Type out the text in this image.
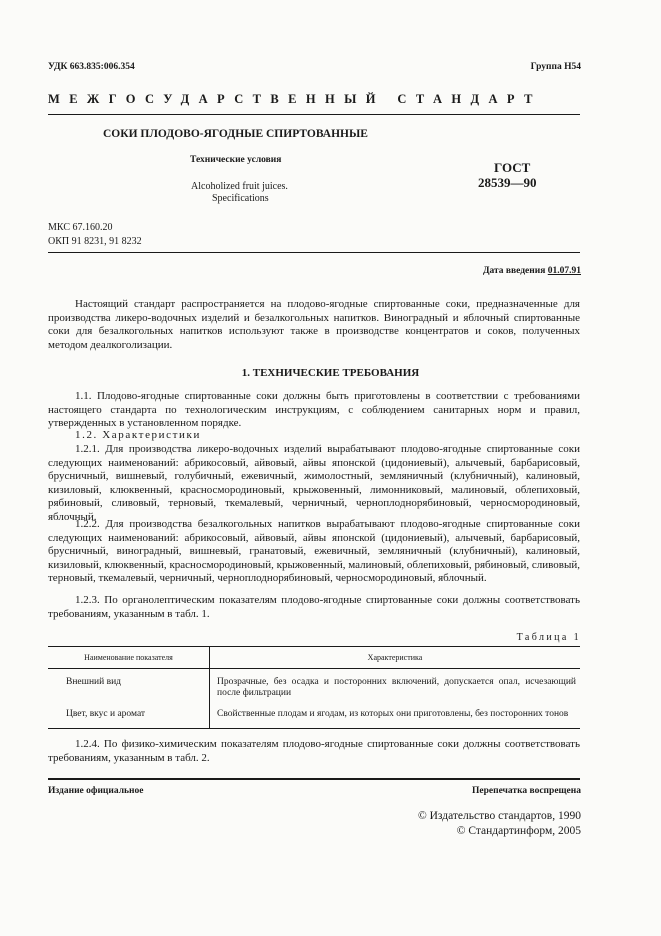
УДК 663.835:006.354	Группа Н54
МЕЖГОСУДАРСТВЕННЫЙ СТАНДАРТ
СОКИ ПЛОДОВО-ЯГОДНЫЕ СПИРТОВАННЫЕ
Технические условия
Alcoholized fruit juices.
Specifications
ГОСТ
28539—90
МКС 67.160.20
ОКП 91 8231, 91 8232
Дата введения 01.07.91
Настоящий стандарт распространяется на плодово-ягодные спиртованные соки, предназначенные для производства ликеро-водочных изделий и безалкогольных напитков. Виноградный и яблочный спиртованные соки для безалкогольных напитков используют также в производстве концентратов и соков, полученных методом деалкоголизации.
1. ТЕХНИЧЕСКИЕ ТРЕБОВАНИЯ
1.1. Плодово-ягодные спиртованные соки должны быть приготовлены в соответствии с требованиями настоящего стандарта по технологическим инструкциям, с соблюдением санитарных норм и правил, утвержденных в установленном порядке.
1.2. Характеристики
1.2.1. Для производства ликеро-водочных изделий вырабатывают плодово-ягодные спиртованные соки следующих наименований: абрикосовый, айвовый, айвы японской (цидониевый), алычевый, барбарисовый, брусничный, вишневый, голубичный, ежевичный, жимолостный, земляничный (клубничный), калиновый, кизиловый, клюквенный, красносмородиновый, крыжовенный, лимонниковый, малиновый, облепиховый, рябиновый, сливовый, терновый, ткемалевый, черничный, черноплоднорябиновый, черносмородиновый, яблочный.
1.2.2. Для производства безалкогольных напитков вырабатывают плодово-ягодные спиртованные соки следующих наименований: абрикосовый, айвовый, айвы японской (цидониевый), алычевый, барбарисовый, брусничный, виноградный, вишневый, гранатовый, ежевичный, земляничный (клубничный), калиновый, кизиловый, клюквенный, красносмородиновый, крыжовенный, малиновый, облепиховый, рябиновый, сливовый, терновый, ткемалевый, черничный, черноплоднорябиновый, черносмородиновый, яблочный.
1.2.3. По органолептическим показателям плодово-ягодные спиртованные соки должны соответствовать требованиям, указанным в табл. 1.
Таблица 1
Наименование показателя	Характеристика
Внешний вид	Прозрачные, без осадка и посторонних включений, допускается опал, исчезающий после фильтрации
Цвет, вкус и аромат	Свойственные плодам и ягодам, из которых они приготовлены, без посторонних тонов
1.2.4. По физико-химическим показателям плодово-ягодные спиртованные соки должны соответствовать требованиям, указанным в табл. 2.
Издание официальное	Перепечатка воспрещена
© Издательство стандартов, 1990
© Стандартинформ, 2005
